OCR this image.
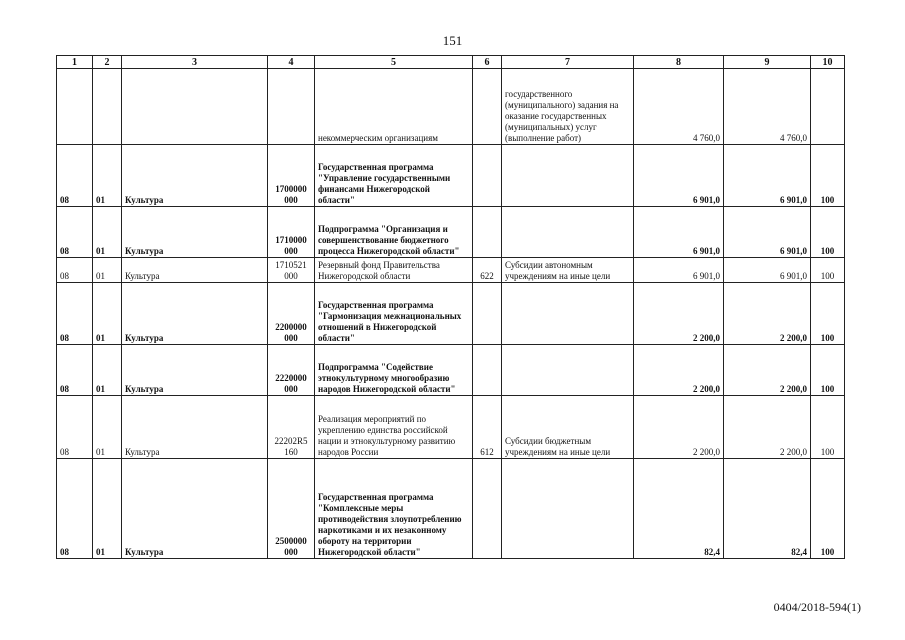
151
1	2	3	4	5	6	7	8	9	10
				некоммерческим организациям		государственного (муниципального) задания на оказание государственных (муниципальных) услуг (выполнение работ)	4 760,0	4 760,0	
08	01	Культура	1700000 000	Государственная программа "Управление государственными финансами Нижегородской области"			6 901,0	6 901,0	100
08	01	Культура	1710000 000	Подпрограмма "Организация и совершенствование бюджетного процесса Нижегородской области"			6 901,0	6 901,0	100
08	01	Культура	1710521 000	Резервный фонд Правительства Нижегородской области	622	Субсидии автономным учреждениям на иные цели	6 901,0	6 901,0	100
08	01	Культура	2200000 000	Государственная программа "Гармонизация межнациональных отношений в Нижегородской области"			2 200,0	2 200,0	100
08	01	Культура	2220000 000	Подпрограмма "Содействие этнокультурному многообразию народов Нижегородской области"			2 200,0	2 200,0	100
08	01	Культура	22202R5 160	Реализация мероприятий по укреплению единства российской нации и этнокультурному развитию народов России	612	Субсидии бюджетным учреждениям на иные цели	2 200,0	2 200,0	100
08	01	Культура	2500000 000	Государственная программа "Комплексные меры противодействия злоупотреблению наркотиками и их незаконному обороту на территории Нижегородской области"			82,4	82,4	100
0404/2018-594(1)
